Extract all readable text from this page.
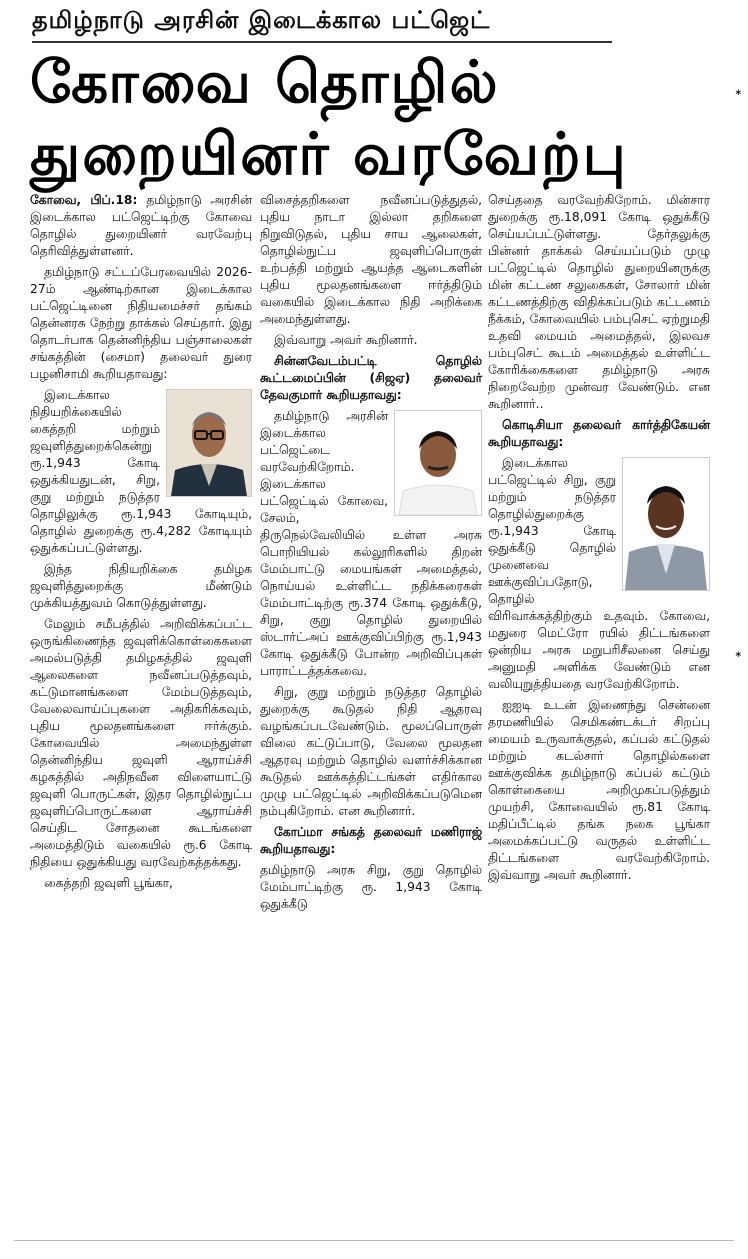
தமிழ்நாடு அரசின் இடைக்கால பட்ஜெட்
கோவை தொழில்
துறையினர் வரவேற்பு
∗
∗

கோவை, பிப்.18: தமிழ்நாடு அரசின் இடைக்கால பட்ஜெட்டிற்கு கோவை தொழில் துறையினர் வரவேற்பு தெரிவித்துள்ளனர்.

தமிழ்நாடு சட்டப்பேரவையில் 2026-27ம் ஆண்டிற்கான இடைக்கால பட்ஜெட்டினை நிதியமைச்சர் தங்கம் தென்னரசு நேற்று தாக்கல் செய்தார். இது தொடர்பாக தென்னிந்திய பஞ்சாலைகள் சங்கத்தின் (சைமா) தலைவர் துரை பழனிசாமி கூறியதாவது:

இடைக்கால நிதியறிக்கையில் கைத்தறி மற்றும் ஜவுளித்துறைக்கென்று ரூ.1,943 கோடி ஒதுக்கியதுடன், சிறு, குறு மற்றும் நடுத்தர தொழிலுக்கு ரூ.1,943 கோடியும், தொழில் துறைக்கு ரூ.4,282 கோடியும் ஒதுக்கப்பட்டுள்ளது.

இந்த நிதியறிக்கை தமிழக ஜவுளித்துறைக்கு மீண்டும் முக்கியத்துவம் கொடுத்துள்ளது.

மேலும் சமீபத்தில் அறிவிக்கப்பட்ட ஒருங்கிணைந்த ஜவுளிக்கொள்கைகளை அமல்படுத்தி தமிழகத்தில் ஜவுளி ஆலைகளை நவீனப்படுத்தவும், கட்டுமானங்களை மேம்படுத்தவும், வேலைவாய்ப்புகளை அதிகரிக்கவும், புதிய மூலதனங்களை ஈர்க்கும். கோவையில் அமைந்துள்ள தென்னிந்திய ஜவுளி ஆராய்ச்சி கழகத்தில் அதிநவீன விளையாட்டு ஜவுளி பொருட்கள், இதர தொழில்நுட்ப ஜவுளிப்பொருட்களை ஆராய்ச்சி செய்திட சோதனை கூடங்களை அமைத்திடும் வகையில் ரூ.6 கோடி நிதியை ஒதுக்கியது வரவேற்கத்தக்கது.

கைத்தறி ஜவுளி பூங்கா,

விசைத்தறிகளை நவீனப்படுத்துதல், புதிய நாடா இல்லா தறிகளை நிறுவிடுதல், புதிய சாய ஆலைகள், தொழில்நுட்ப ஜவுளிப்பொருள் உற்பத்தி மற்றும் ஆயத்த ஆடைகளின் புதிய மூலதனங்களை ஈர்த்திடும் வகையில் இடைக்கால நிதி அறிக்கை அமைந்துள்ளது.

இவ்வாறு அவர் கூறினார்.

சின்னவேடம்பட்டி தொழில் கூட்டமைப்பின் (சிஜஏ) தலைவர் தேவகுமார் கூறியதாவது:

தமிழ்நாடு அரசின் இடைக்கால பட்ஜெட்டை வரவேற்கிறோம். இடைக்கால பட்ஜெட்டில் கோவை, சேலம், திருநெல்வேலியில் உள்ள அரசு பொறியியல் கல்லூரிகளில் திறன் மேம்பாட்டு மையங்கள் அமைத்தல், நொய்யல் உள்ளிட்ட நதிக்கரைகள் மேம்பாட்டிற்கு ரூ.374 கோடி ஒதுக்கீடு, சிறு, குறு தொழில் துறையில் ஸ்டார்ட்அப் ஊக்குவிப்பிற்கு ரூ.1,943 கோடி ஒதுக்கீடு போன்ற அறிவிப்புகள் பாராட்டத்தக்கவை.

சிறு, குறு மற்றும் நடுத்தர தொழில் துறைக்கு கூடுதல் நிதி ஆதரவு வழங்கப்படவேண்டும். மூலப்பொருள் விலை கட்டுப்பாடு, வேலை மூலதன ஆதரவு மற்றும் தொழில் வளர்ச்சிக்கான கூடுதல் ஊக்கத்திட்டங்கள் எதிர்கால முழு பட்ஜெட்டில் அறிவிக்கப்படுமென நம்புகிறோம். என கூறினார்.

கோப்மா சங்கத் தலைவர் மணிராஜ் கூறியதாவது:

தமிழ்நாடு அரசு சிறு, குறு தொழில் மேம்பாட்டிற்கு ரூ. 1,943 கோடி ஒதுக்கீடு

செய்ததை வரவேற்கிறோம். மின்சார துறைக்கு ரூ.18,091 கோடி ஒதுக்கீடு செய்யப்பட்டுள்ளது. தேர்தலுக்கு பின்னர் தாக்கல் செய்யப்படும் முழு பட்ஜெட்டில் தொழில் துறையினருக்கு மின் கட்டண சலுகைகள், சோலார் மின் கட்டணத்திற்கு விதிக்கப்படும் கட்டணம் நீக்கம், கோவையில் பம்புசெட் ஏற்றுமதி உதவி மையம் அமைத்தல், இலவச பம்புசெட் கூடம் அமைத்தல் உள்ளிட்ட கோரிக்கைகளை தமிழ்நாடு அரசு நிறைவேற்ற முன்வர வேண்டும். என கூறினார்..

கொடிசியா தலைவர் கார்த்திகேயன் கூறியதாவது:

இடைக்கால பட்ஜெட்டில் சிறு, குறு மற்றும் நடுத்தர தொழில்துறைக்கு ரூ.1,943 கோடி ஒதுக்கீடு தொழில் முனைவை ஊக்குவிப்பதோடு, தொழில் விரிவாக்கத்திற்கும் உதவும். கோவை, மதுரை மெட்ரோ ரயில் திட்டங்களை ஒன்றிய அரசு மறுபரிசீலனை செய்து அனுமதி அளிக்க வேண்டும் என வலியுறுத்தியதை வரவேற்கிறோம்.

ஐஐடி உடன் இணைந்து சென்னை தரமணியில் செமிகண்டக்டர் சிறப்பு மையம் உருவாக்குதல், கப்பல் கட்டுதல் மற்றும் கடல்சார் தொழில்களை ஊக்குவிக்க தமிழ்நாடு கப்பல் கட்டும் கொள்கையை அறிமுகப்படுத்தும் முயற்சி, கோவையில் ரூ.81 கோடி மதிப்பீட்டில் தங்க நகை பூங்கா அமைக்கப்பட்டு வருதல் உள்ளிட்ட திட்டங்களை வரவேற்கிறோம். இவ்வாறு அவர் கூறினார்.
